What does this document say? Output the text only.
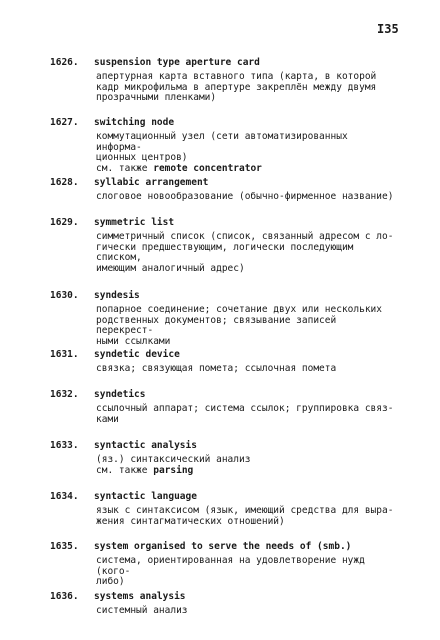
I35
1626. suspension type aperture card
апертурная карта вставного типа (карта, в которой
кадр микрофильма в апертуре закреплён между двумя
прозрачными пленками)
1627. switching node
коммутационный узел (сети автоматизированных информа-
ционных центров)
см. также remote concentrator
1628. syllabic arrangement
слоговое новообразование (обычно-фирменное название)
1629. symmetric list
симметричный список (список, связанный адресом с ло-
гически предшествующим, логически последующим списком,
имеющим аналогичный адрес)
1630. syndesis
попарное соединение; сочетание двух или нескольких
родственных документов; связывание записей перекрест-
ными ссылками
1631. syndetic device
связка; связующая помета; ссылочная помета
1632. syndetics
ссылочный аппарат; система ссылок; группировка связ-
ками
1633. syntactic analysis
(яз.) синтаксический анализ
см. также parsing
1634. syntactic language
язык с синтаксисом (язык, имеющий средства для выра-
жения синтагматических отношений)
1635. system organised to serve the needs of (smb.)
система, ориентированная на удовлетворение нужд (кого-
либо)
1636. systems analysis
системный анализ
